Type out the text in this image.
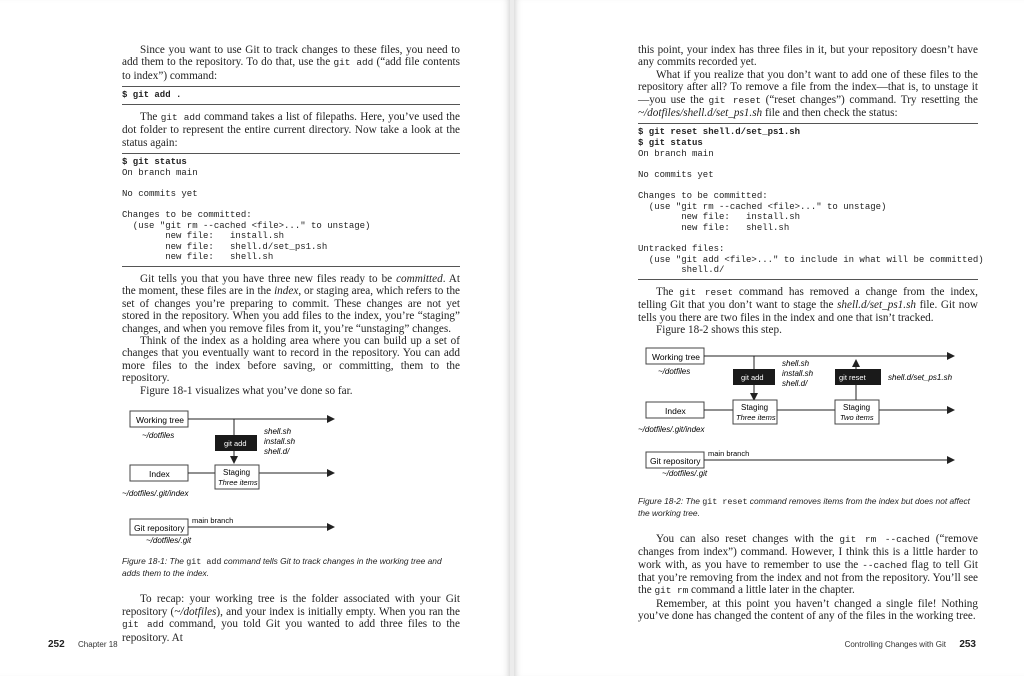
Since you want to use Git to track changes to these files, you need to add them to the repository. To do that, use the git add (“add file contents to index”) command:

$ git add .

The git add command takes a list of filepaths. Here, you’ve used the dot folder to represent the entire current directory. Now take a look at the status again:

$ git status
On branch main

No commits yet

Changes to be committed:
(use "git rm --cached <file>..." to unstage)
new file:   install.sh
new file:   shell.d/set_ps1.sh
new file:   shell.sh

Git tells you that you have three new files ready to be committed. At the moment, these files are in the index, or staging area, which refers to the set of changes you’re preparing to commit. These changes are not yet stored in the repository. When you add files to the index, you’re “staging” changes, and when you remove files from it, you’re “unstaging” changes.

Think of the index as a holding area where you can build up a set of changes that you eventually want to record in the repository. You can add more files to the index before saving, or committing, them to the repository.

Figure 18-1 visualizes what you’ve done so far.

Working tree
~/dotfiles
git add
shell.sh
install.sh
shell.d/
Index	Staging
Three items
~/dotfiles/.git/index
Git repository
main branch
~/dotfiles/.git
Figure 18-1: The git add command tells Git to track changes in the working tree and adds them to the index.

To recap: your working tree is the folder associated with your Git repository (~/dotfiles), and your index is initially empty. When you ran the git add command, you told Git you wanted to add three files to the repository. At

252 Chapter 18

this point, your index has three files in it, but your repository doesn’t have any commits recorded yet.

What if you realize that you don’t want to add one of these files to the repository after all? To remove a file from the index—that is, to unstage it—you use the git reset (“reset changes”) command. Try resetting the ~/dotfiles/shell.d/set_ps1.sh file and then check the status:

$ git reset shell.d/set_ps1.sh
$ git status
On branch main

No commits yet

Changes to be committed:
(use "git rm --cached <file>..." to unstage)
new file:   install.sh
new file:   shell.sh

Untracked files:
(use "git add <file>..." to include in what will be committed)
shell.d/

The git reset command has removed a change from the index, telling Git that you don’t want to stage the shell.d/set_ps1.sh file. Git now tells you there are two files in the index and one that isn’t tracked.

Figure 18-2 shows this step.

Working tree
~/dotfiles
git add
shell.sh
install.sh
shell.d/
git reset	shell.d/set_ps1.sh
Index	Staging
Three items
Staging
Two items
~/dotfiles/.git/index
Git repository
main branch
~/dotfiles/.git
Figure 18-2: The git reset command removes items from the index but does not affect the working tree.

You can also reset changes with the git rm --cached (“remove changes from index”) command. However, I think this is a little harder to work with, as you have to remember to use the --cached flag to tell Git that you’re removing from the index and not from the repository. You’ll see the git rm command a little later in the chapter.

Remember, at this point you haven’t changed a single file! Nothing you’ve done has changed the content of any of the files in the working tree.

Controlling Changes with Git 253
